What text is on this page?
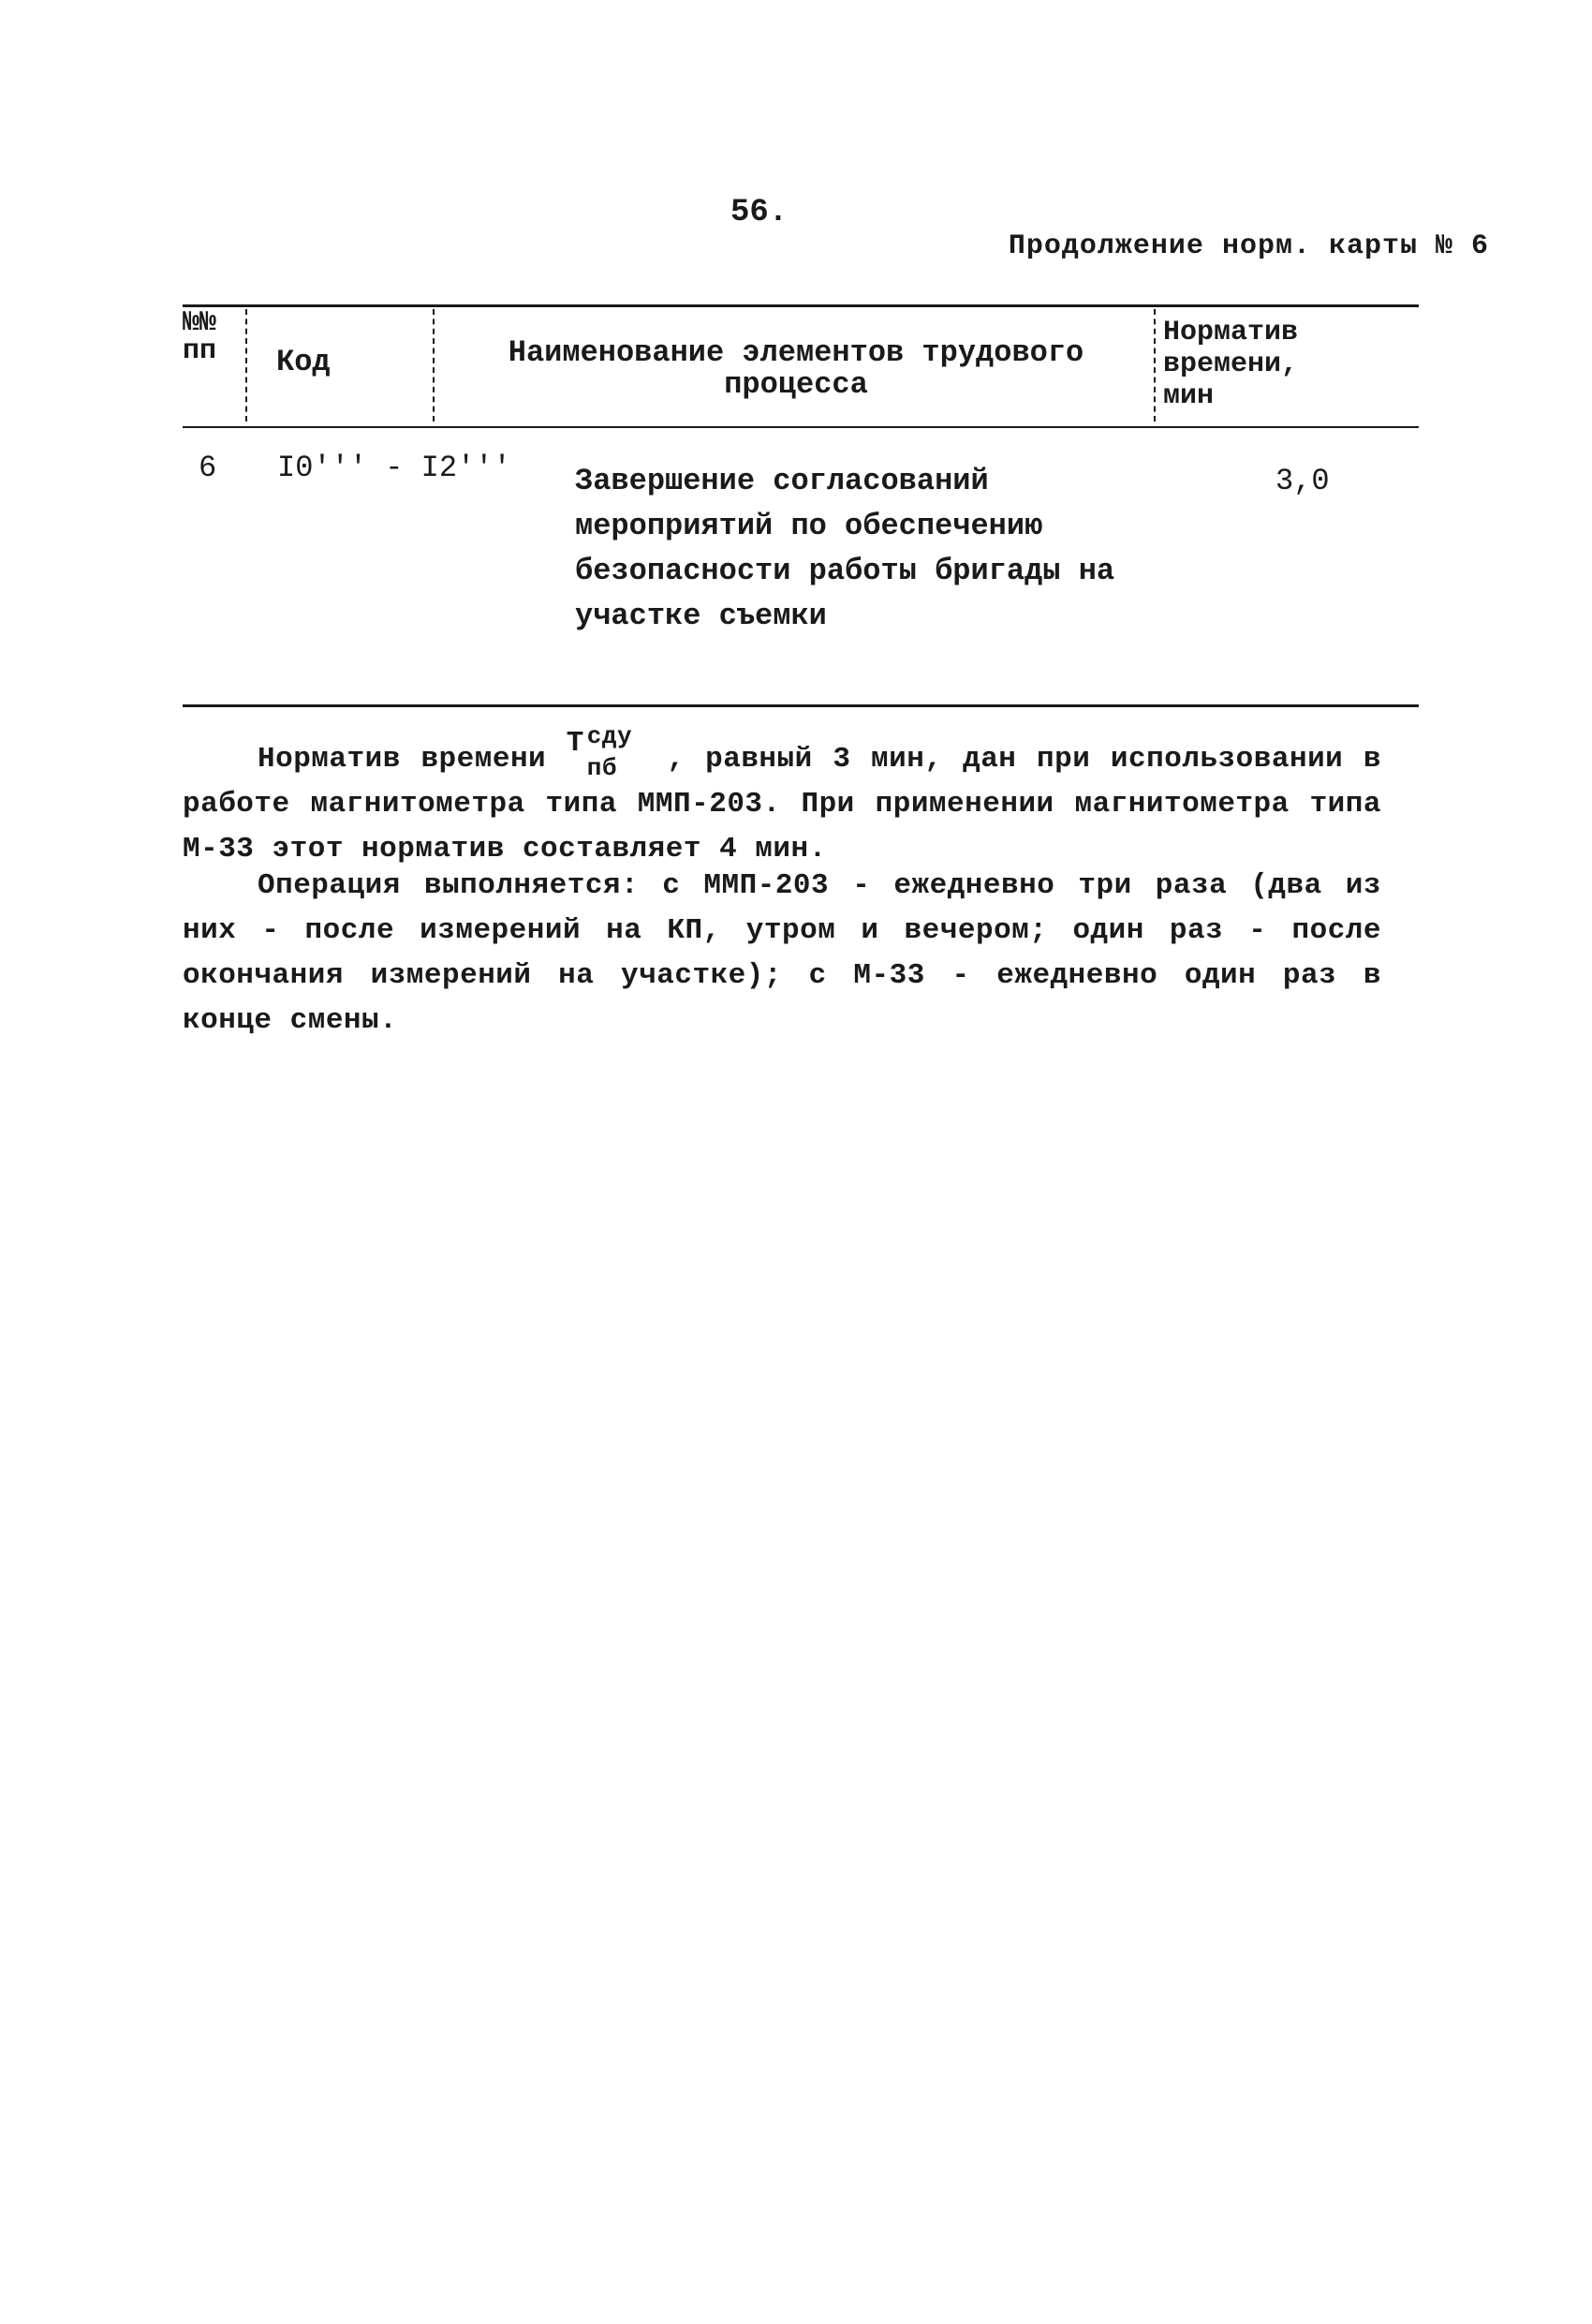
56.
Продолжение норм. карты № 6
№№
пп	Код	Наименование элементов трудового процесса
Норматив времени, мин
6 I0''' - I2''' Завершение согласований мероприятий по обеспечению безопасности работы бригады на участке съемки
3,0
Норматив времени T сдy
пб , равный 3 мин, дан при использовании в работе магнитометра типа ММП-203. При применении магнитометра типа М-33 этот норматив составляет 4 мин.
Операция выполняется: с ММП-203 - ежедневно три раза (два из них - после измерений на КП, утром и вечером; один раз - после окончания измерений на участке); с М-33 - ежедневно один раз в конце смены.
